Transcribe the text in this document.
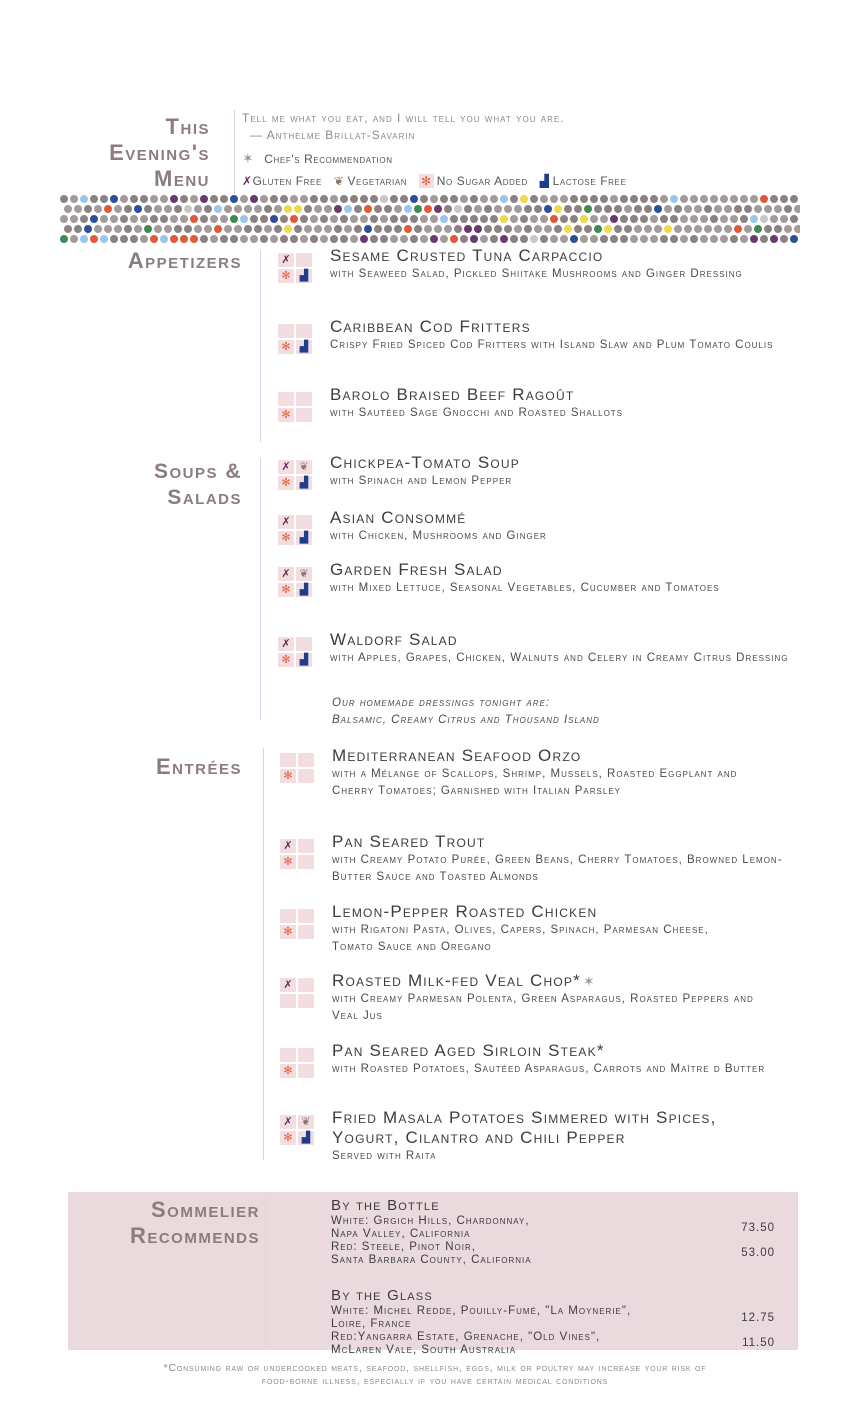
This
Evening's
Menu
Tell me what you eat, and I will tell you what you are.
— Anthelme Brillat-Savarin
✶ Chef's Recommendation
✗Gluten Free ❦ Vegetarian ✻ No Sugar Added ▟ Lactose Free
Appetizers	✗
✻ ▟
Sesame Crusted Tuna Carpaccio
with Seaweed Salad, Pickled Shiitake Mushrooms and Ginger Dressing
✻ ▟
Caribbean Cod Fritters
Crispy Fried Spiced Cod Fritters with Island Slaw and Plum Tomato Coulis
✻
Barolo Braised Beef Ragoût
with Sautéed Sage Gnocchi and Roasted Shallots
Soups &
Salads
✗ ❦
✻ ▟
Chickpea-Tomato Soup
with Spinach and Lemon Pepper
✗
✻ ▟
Asian Consommé
with Chicken, Mushrooms and Ginger
✗ ❦
✻ ▟
Garden Fresh Salad
with Mixed Lettuce, Seasonal Vegetables, Cucumber and Tomatoes
✗
✻ ▟
Waldorf Salad
with Apples, Grapes, Chicken, Walnuts and Celery in Creamy Citrus Dressing
Our homemade dressings tonight are:
Balsamic, Creamy Citrus and Thousand Island
Entrées	✻
Mediterranean Seafood Orzo
with a Mélange of Scallops, Shrimp, Mussels, Roasted Eggplant and Cherry Tomatoes; Garnished with Italian Parsley
✗
✻
Pan Seared Trout
with Creamy Potato Purée, Green Beans, Cherry Tomatoes, Browned Lemon-Butter Sauce and Toasted Almonds
✻
Lemon-Pepper Roasted Chicken
with Rigatoni Pasta, Olives, Capers, Spinach, Parmesan Cheese, Tomato Sauce and Oregano
✗ Roasted Milk-fed Veal Chop* ✶
with Creamy Parmesan Polenta, Green Asparagus, Roasted Peppers and Veal Jus
✻
Pan Seared Aged Sirloin Steak*
with Roasted Potatoes, Sautéed Asparagus, Carrots and Maître d Butter
✗ ❦
✻ ▟
Fried Masala Potatoes Simmered with Spices, Yogurt, Cilantro and Chili Pepper
Served with Raita
Sommelier
Recommends
By the Bottle
White: Grgich Hills, Chardonnay,
Napa Valley, California
Red: Steele, Pinot Noir,
Santa Barbara County, California
73.50
53.00
By the Glass
White: Michel Redde, Pouilly-Fumé, "La Moynerie",
Loire, France
Red:Yangarra Estate, Grenache, "Old Vines",
McLaren Vale, South Australia
12.75
11.50
*Consuming raw or undercooked meats, seafood, shellfish, eggs, milk or poultry may increase your risk of
food-borne illness, especially if you have certain medical conditions
